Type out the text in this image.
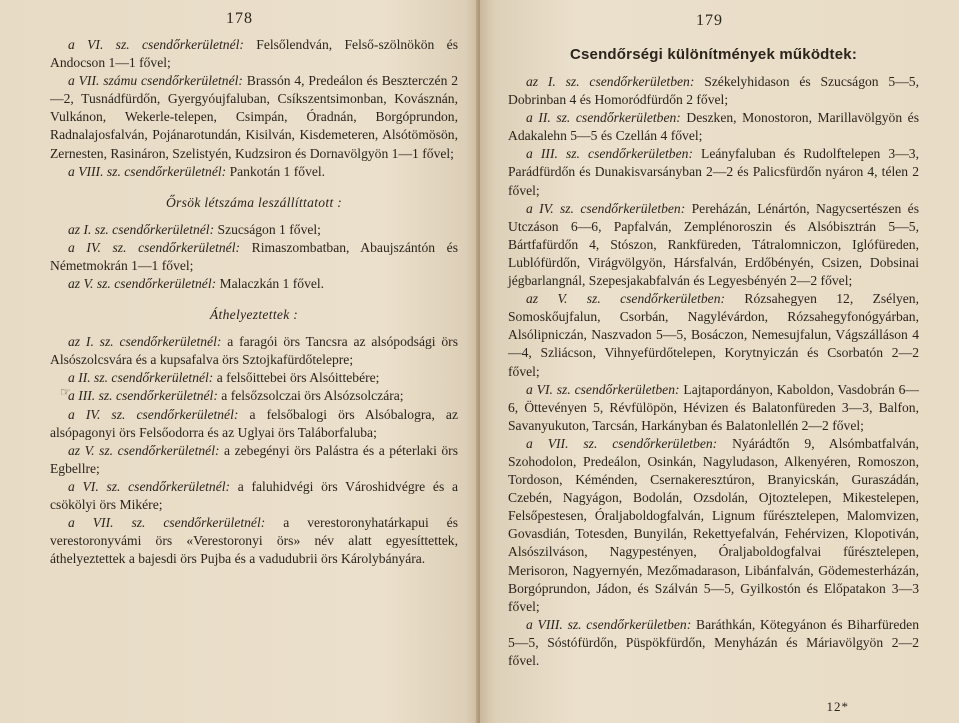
178

a VI. sz. csendőrkerületnél: Felsőlendván, Felső-szölnökön és Andocson 1—1 fővel;

a VII. számu csendőrkerületnél: Brassón 4, Predeálon és Beszterczén 2—2, Tusnádfürdőn, Gyergyóujfaluban, Csíkszentsimonban, Kovásznán, Vulkánon, Wekerle-telepen, Csimpán, Óradnán, Borgóprundon, Radnalajosfalván, Pojánarotundán, Kisilván, Kisdemeteren, Alsótömösön, Zernesten, Rasináron, Szelistyén, Kudzsiron és Dornavölgyön 1—1 fővel;

a VIII. sz. csendőrkerületnél: Pankotán 1 fővel.

Őrsök létszáma leszállíttatott :

az I. sz. csendőrkerületnél: Szucságon 1 fővel;

a IV. sz. csendőrkerületnél: Rimaszombatban, Abaujszántón és Németmokrán 1—1 fővel;

az V. sz. csendőrkerületnél: Malaczkán 1 fővel.

Áthelyeztettek :

az I. sz. csendőrkerületnél: a faragói örs Tancsra az alsópodsági örs Alsószolcsvára és a kupsafalva örs Sztojkafürdőtelepre;

a II. sz. csendőrkerületnél: a felsőittebei örs Alsóittebére;

a III. sz. csendőrkerületnél: a felsőzsolczai örs Alsózsolczára;

a IV. sz. csendőrkerületnél: a felsőbalogi örs Alsóbalogra, az alsópagonyi örs Felsőodorra és az Uglyai örs Taláborfaluba;

az V. sz. csendőrkerületnél: a zebegényi örs Palástra és a péterlaki örs Egbellre;

a VI. sz. csendőrkerületnél: a faluhidvégi örs Városhidvégre és a csökölyi örs Mikére;

a VII. sz. csendőrkerületnél: a verestoronyhatárkapui és verestoronyvámi örs «Verestoronyi örs» név alatt egyesíttettek, áthelyeztettek a bajesdi örs Pujba és a vadudubrii örs Károlybányára.

☞
179
Csendőrségi különítmények működtek:

az I. sz. csendőrkerületben: Székelyhidason és Szucságon 5—5, Dobrinban 4 és Homoródfürdőn 2 fővel;

a II. sz. csendőrkerületben: Deszken, Monostoron, Marillavölgyön és Adakalehn 5—5 és Czellán 4 fővel;

a III. sz. csendőrkerületben: Leányfaluban és Rudolftelepen 3—3, Parádfürdőn és Dunakisvarsányban 2—2 és Palicsfürdőn nyáron 4, télen 2 fővel;

a IV. sz. csendőrkerületben: Pereházán, Lénártón, Nagycsertészen és Utczáson 6—6, Papfalván, Zemplénoroszin és Alsóbisztrán 5—5, Bártfafürdőn 4, Stószon, Rankfüreden, Tátralomniczon, Iglófüreden, Lublófürdőn, Virágvölgyön, Hársfalván, Erdőbényén, Csizen, Dobsinai jégbarlangnál, Szepesjakabfalván és Legyesbényén 2—2 fővel;

az V. sz. csendőrkerületben: Rózsahegyen 12, Zsélyen, Somoskőujfalun, Csorbán, Nagylévárdon, Rózsahegyfonógyárban, Alsólipniczán, Naszvadon 5—5, Bosáczon, Nemesujfalun, Vágszálláson 4—4, Szliácson, Vihnyefürdőtelepen, Korytnyiczán és Csorbatón 2—2 fővel;

a VI. sz. csendőrkerületben: Lajtapordányon, Kaboldon, Vasdobrán 6—6, Öttevényen 5, Révfülöpön, Hévizen és Balatonfüreden 3—3, Balfon, Savanyukuton, Tarcsán, Harkányban és Balatonlellén 2—2 fővel;

a VII. sz. csendőrkerületben: Nyárádtőn 9, Alsómbatfalván, Szohodolon, Predeálon, Osinkán, Nagyludason, Alkenyéren, Romoszon, Tordoson, Kéménden, Csernakeresztúron, Branyicskán, Guraszádán, Czebén, Nagyágon, Bodolán, Ozsdolán, Ojtoztelepen, Mikestelepen, Felsőpestesen, Óraljaboldogfalván, Lignum fűrésztelepen, Malomvizen, Govasdián, Totesden, Bunyilán, Rekettyefalván, Fehérvizen, Klopotiván, Alsószilváson, Nagypestényen, Óraljaboldogfalvai fűrésztelepen, Merisoron, Nagyernyén, Mezőmadarason, Libánfalván, Gödemesterházán, Borgóprundon, Jádon, és Szálván 5—5, Gyilkostón és Előpatakon 3—3 fővel;

a VIII. sz. csendőrkerületben: Baráthkán, Kötegyánon és Biharfüreden 5—5, Sóstófürdőn, Püspökfürdőn, Menyházán és Máriavölgyön 2—2 fővel.

12*
